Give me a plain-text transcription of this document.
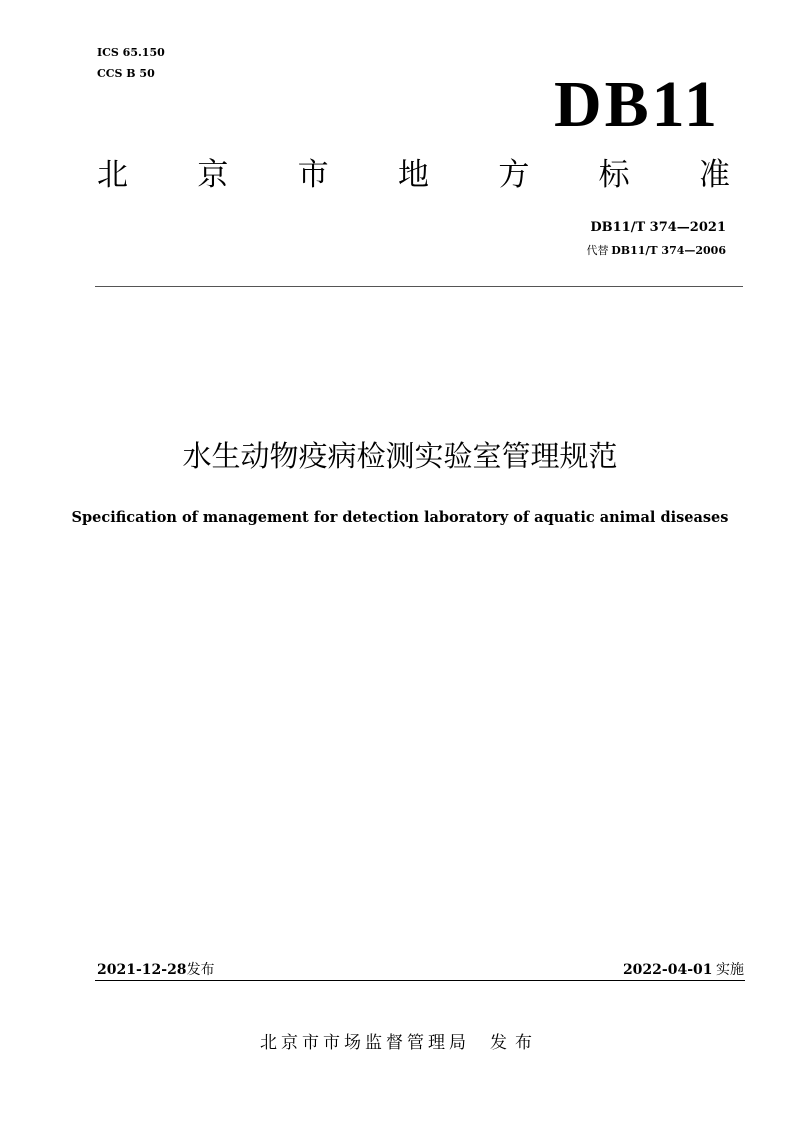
ICS 65.150
CCS B 50	DB11
北 京 市 地 方 标 准
DB11/T 374—2021
代替 DB11/T 374—2006
水生动物疫病检测实验室管理规范
Specification of management for detection laboratory of aquatic animal diseases
2021-12-28发布	2022-04-01 实施
北京市市场监督管理局 发布
